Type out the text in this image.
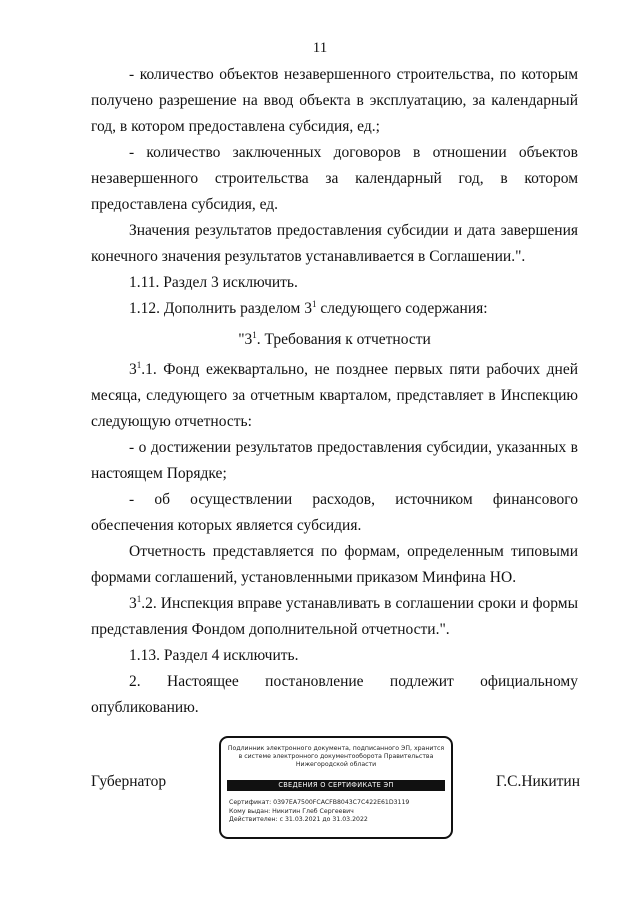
11
- количество объектов незавершенного строительства, по которым получено разрешение на ввод объекта в эксплуатацию, за календарный год, в котором предоставлена субсидия, ед.;
- количество заключенных договоров в отношении объектов незавершенного строительства за календарный год, в котором предоставлена субсидия, ед.
Значения результатов предоставления субсидии и дата завершения конечного значения результатов устанавливается в Соглашении.".
1.11. Раздел 3 исключить.
1.12. Дополнить разделом $3^1$ следующего содержания:
"$3^1$. Требования к отчетности
$3^1.1$. Фонд ежеквартально, не позднее первых пяти рабочих дней месяца, следующего за отчетным кварталом, представляет в Инспекцию следующую отчетность:
- о достижении результатов предоставления субсидии, указанных в настоящем Порядке;
- об осуществлении расходов, источником финансового обеспечения которых является субсидия.
Отчетность представляется по формам, определенным типовыми формами соглашений, установленными приказом Минфина НО.
$3^1.2$. Инспекция вправе устанавливать в соглашении сроки и формы представления Фондом дополнительной отчетности.".
1.13. Раздел 4 исключить.
2. Настоящее постановление подлежит официальному опубликованию.
Губернатор
Подлинник электронного документа, подписанного ЭП, хранится в системе электронного документооборота Правительства Нижегородской области
СВЕДЕНИЯ О СЕРТИФИКАТЕ ЭП
Сертификат: 0397EA7500FCACFB8043C7C422E61D3119
Кому выдан: Никитин Глеб Сергеевич
Действителен: с 31.03.2021 до 31.03.2022
Г.С.Никитин
